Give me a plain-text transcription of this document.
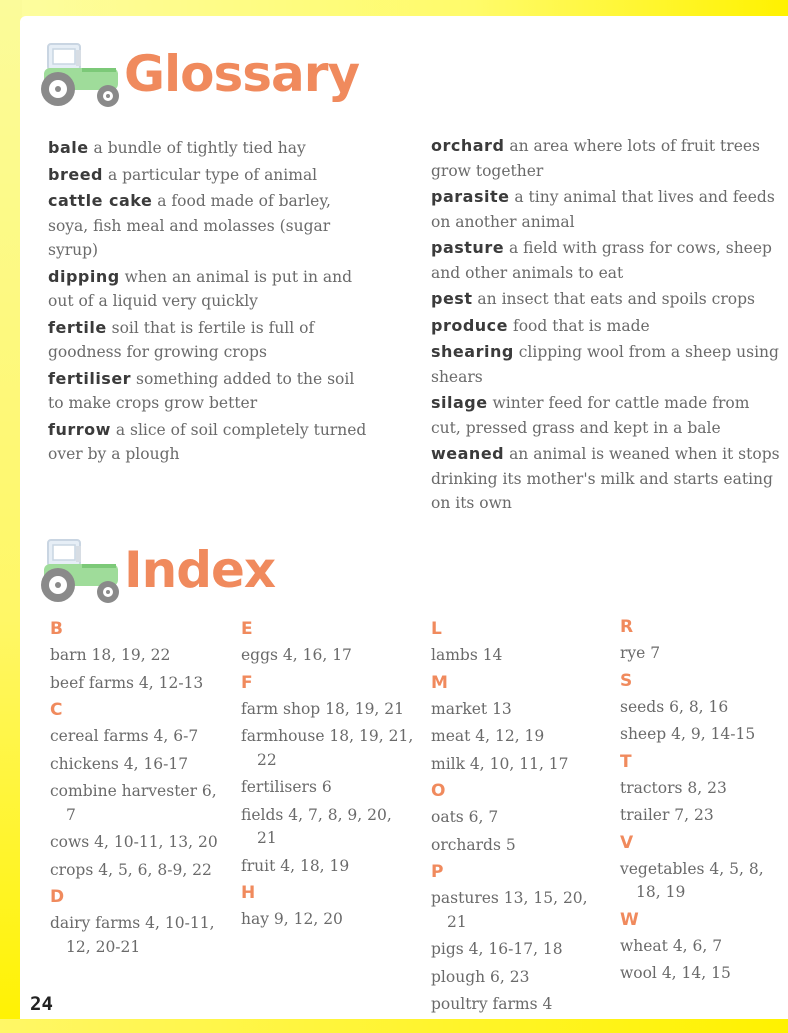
Glossary

bale a bundle of tightly tied hay

breed a particular type of animal

cattle cake a food made of barley, soya, fish meal and molasses (sugar syrup)

dipping when an animal is put in and out of a liquid very quickly

fertile soil that is fertile is full of goodness for growing crops

fertiliser something added to the soil to make crops grow better

furrow a slice of soil completely turned over by a plough

orchard an area where lots of fruit trees grow together

parasite a tiny animal that lives and feeds on another animal

pasture a field with grass for cows, sheep and other animals to eat

pest an insect that eats and spoils crops

produce food that is made

shearing clipping wool from a sheep using shears

silage winter feed for cattle made from cut, pressed grass and kept in a bale

weaned an animal is weaned when it stops drinking its mother's milk and starts eating on its own

Index
B
barn 18, 19, 22
beef farms 4, 12-13
C
cereal farms 4, 6-7
chickens 4, 16-17
combine harvester 6, 7
cows 4, 10-11, 13, 20
crops 4, 5, 6, 8-9, 22
D
dairy farms 4, 10-11, 12, 20-21
E
eggs 4, 16, 17
F
farm shop 18, 19, 21
farmhouse 18, 19, 21, 22
fertilisers 6
fields 4, 7, 8, 9, 20, 21
fruit 4, 18, 19
H
hay 9, 12, 20
L
lambs 14
M
market 13
meat 4, 12, 19
milk 4, 10, 11, 17
O
oats 6, 7
orchards 5
P
pastures 13, 15, 20, 21
pigs 4, 16-17, 18
plough 6, 23
poultry farms 4
R
rye 7
S
seeds 6, 8, 16
sheep 4, 9, 14-15
T
tractors 8, 23
trailer 7, 23
V
vegetables 4, 5, 8, 18, 19
W
wheat 4, 6, 7
wool 4, 14, 15
24
